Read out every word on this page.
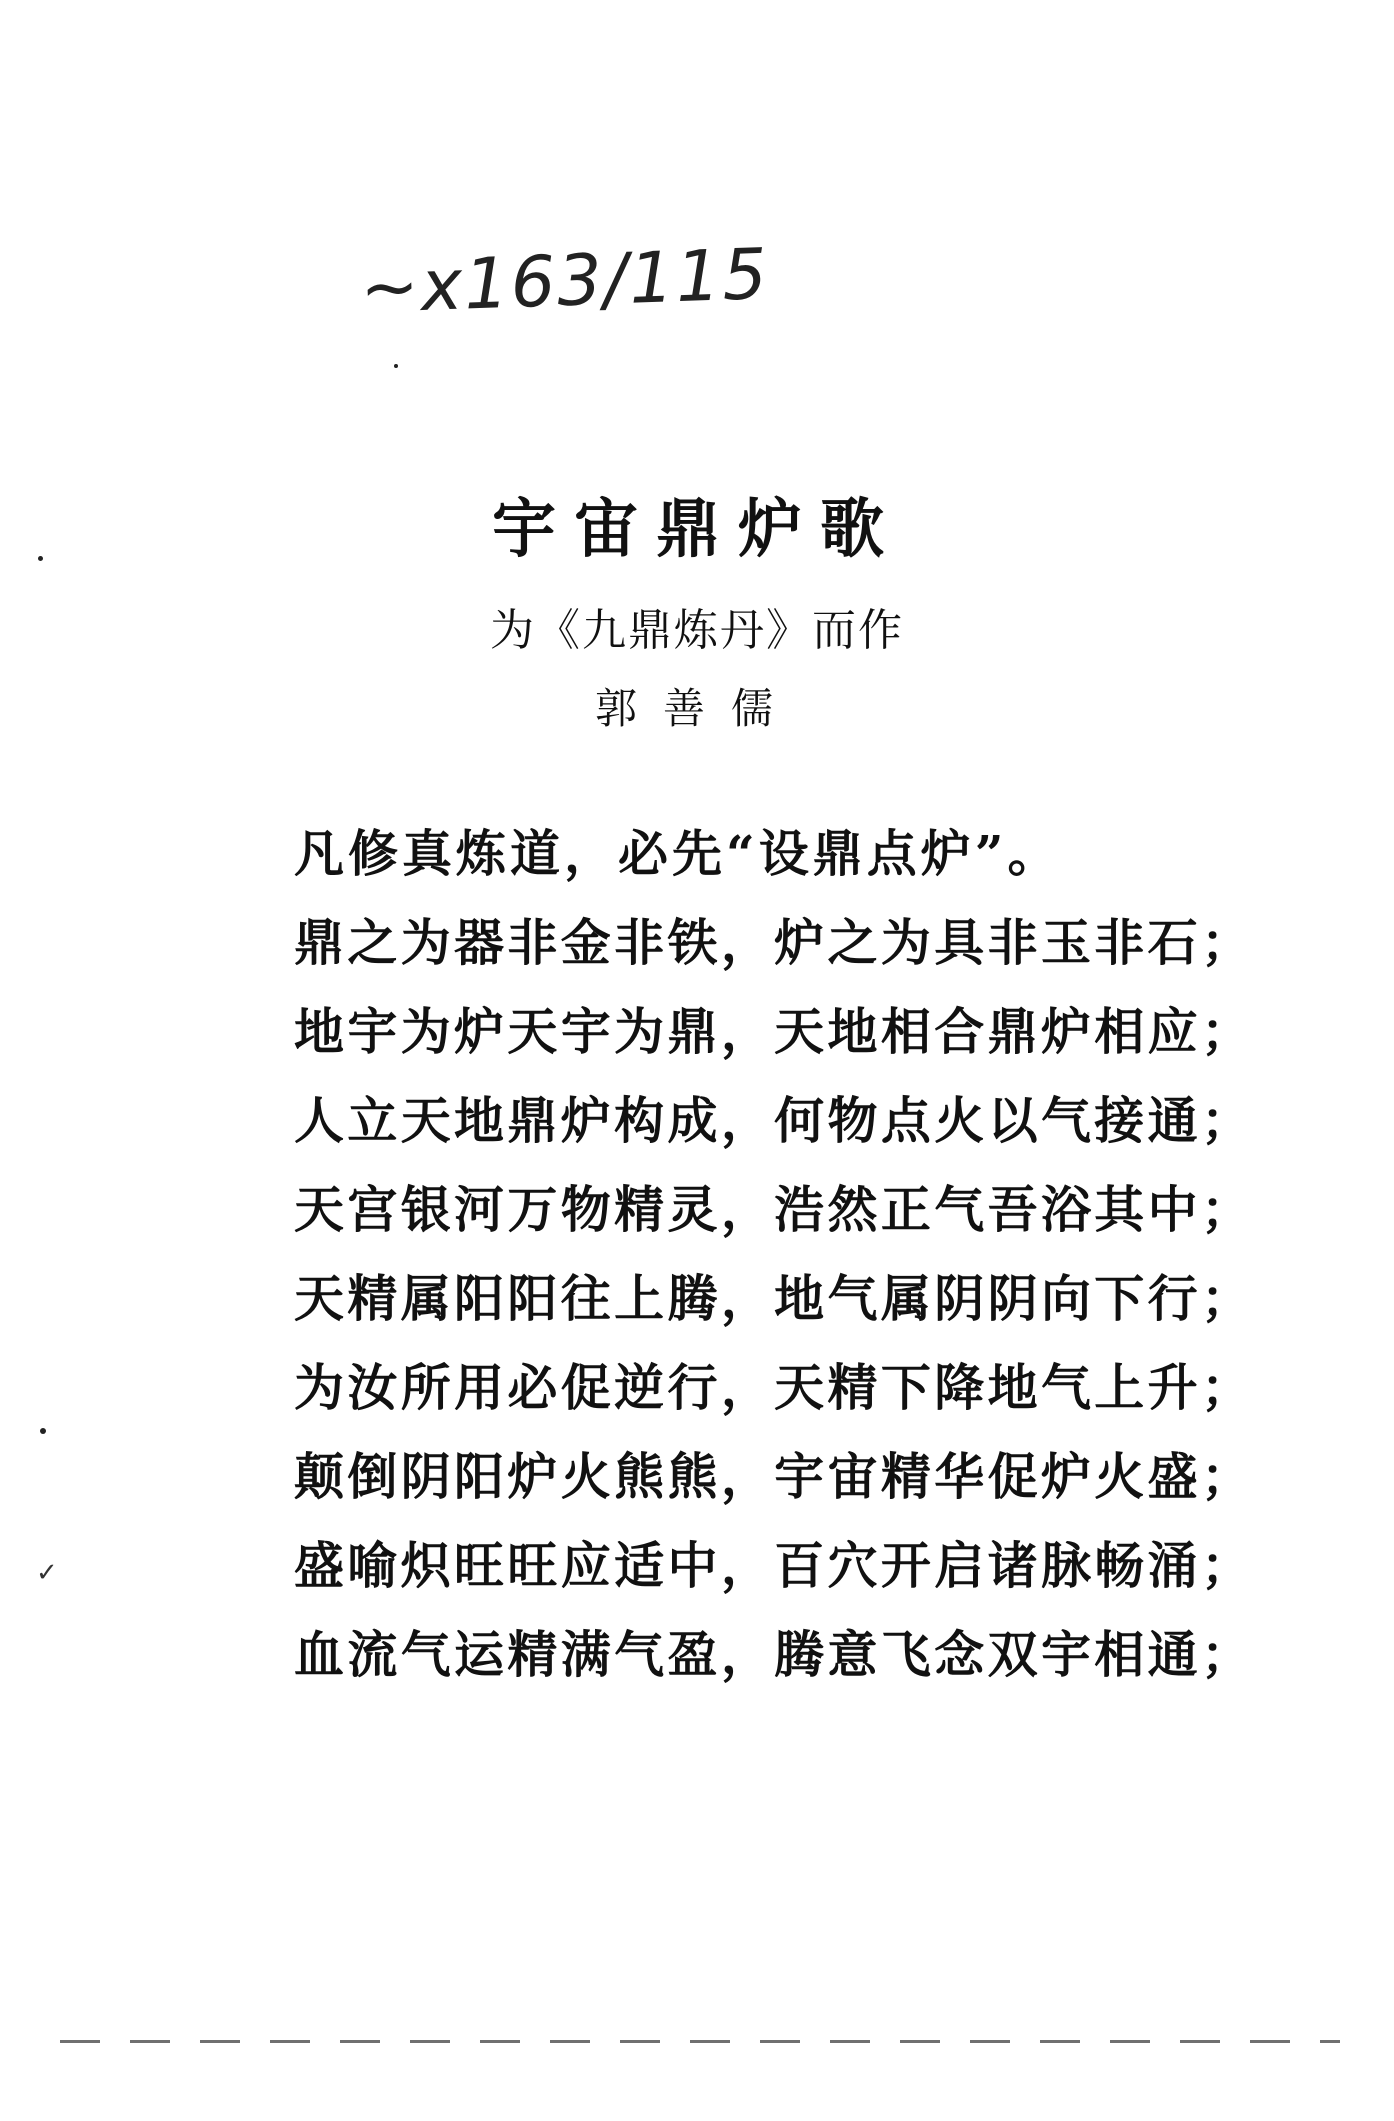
~x163/115
宇宙鼎炉歌
为《九鼎炼丹》而作
郭善儒
凡修真炼道，必先“设鼎点炉”。
鼎之为器非金非铁，炉之为具非玉非石；
地宇为炉天宇为鼎，天地相合鼎炉相应；
人立天地鼎炉构成，何物点火以气接通；
天宫银河万物精灵，浩然正气吾浴其中；
天精属阳阳往上腾，地气属阴阴向下行；
为汝所用必促逆行，天精下降地气上升；
颠倒阴阳炉火熊熊，宇宙精华促炉火盛；
盛喻炽旺旺应适中，百穴开启诸脉畅涌；
血流气运精满气盈，腾意飞念双宇相通；
✓
